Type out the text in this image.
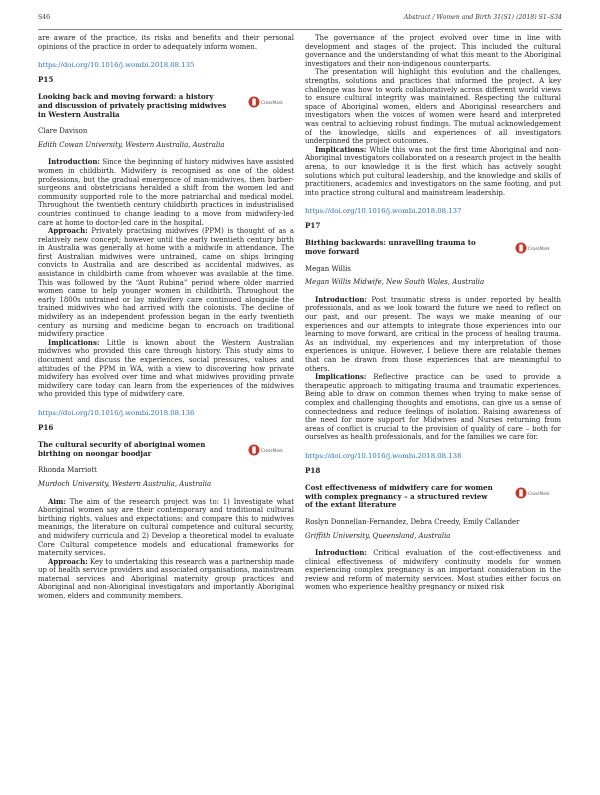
S46	Abstract / Women and Birth 31(S1) (2018) S1–S34

are aware of the practice, its risks and benefits and their personal opinions of the practice in order to adequately inform women.

https://doi.org/10.1016/j.wombi.2018.08.135
P15
Looking back and moving forward: a history and discussion of privately practising midwives in Western Australia
CrossMark
Clare Davison
Edith Cowan University, Western Australia, Australia

Introduction: Since the beginning of history midwives have assisted women in childbirth. Midwifery is recognised as one of the oldest professions, but the gradual emergence of man-midwives, then barber-surgeons and obstetricians heralded a shift from the women led and community supported role to the more patriarchal and medical model. Throughout the twentieth century childbirth practices in industrialised countries continued to change leading to a move from midwifery-led care at home to doctor-led care in the hospital.

Approach: Privately practising midwives (PPM) is thought of as a relatively new concept; however until the early twentieth century birth in Australia was generally at home with a midwife in attendance. The first Australian midwives were untrained, came on ships bringing convicts to Australia and are described as accidental midwives, as assistance in childbirth came from whoever was available at the time. This was followed by the “Aunt Rubina” period where older married women came to help younger women in childbirth. Throughout the early 1800s untrained or lay midwifery care continued alongside the trained midwives who had arrived with the colonists. The decline of midwifery as an independent profession began in the early twentieth century as nursing and medicine began to encroach on traditional midwifery practice

Implications: Little is known about the Western Australian midwives who provided this care through history. This study aims to document and discuss the experiences, social pressures, values and attitudes of the PPM in WA, with a view to discovering how private midwifery has evolved over time and what midwives providing private midwifery care today can learn from the experiences of the midwives who provided this type of midwifery care.

https://doi.org/10.1016/j.wombi.2018.08.136
P16
The cultural security of aboriginal women birthing on noongar boodjar	CrossMark
Rhonda Marriott
Murdoch University, Western Australia, Australia

Aim: The aim of the research project was to: 1) Investigate what Aboriginal women say are their contemporary and traditional cultural birthing rights, values and expectations: and compare this to midwives meanings, the literature on cultural competence and cultural security, and midwifery curricula and 2) Develop a theoretical model to evaluate Core Cultural competence models and educational frameworks for maternity services.

Approach: Key to undertaking this research was a partnership made up of health service providers and associated organisations, mainstream maternal services and Aboriginal maternity group practices and Aboriginal and non-Aboriginal investigators and importantly Aboriginal women, elders and community members.

The governance of the project evolved over time in line with development and stages of the project. This included the cultural governance and the understanding of what this meant to the Aboriginal investigators and their non-indigenous counterparts.

The presentation will highlight this evolution and the challenges, strengths, solutions and practices that informed the project. A key challenge was how to work collaboratively across different world views to ensure cultural integrity was maintained. Respecting the cultural space of Aboriginal women, elders and Aboriginal researchers and investigators when the voices of women were heard and interpreted was central to achieving robust findings. The mutual acknowledgement of the knowledge, skills and experiences of all investigators underpinned the project outcomes.

Implications: While this was not the first time Aboriginal and non-Aboriginal investigators collaborated on a research project in the health arena, to our knowledge it is the first which has actively sought solutions which put cultural leadership, and the knowledge and skills of practitioners, academics and investigators on the same footing, and put into practice strong cultural and mainstream leadership.

https://doi.org/10.1016/j.wombi.2018.08.137
P17
Birthing backwards: unravelling trauma to move forward	CrossMark
Megan Willis
Megan Willis Midwife, New South Wales, Australia

Introduction: Post traumatic stress is under reported by health professionals, and as we look toward the future we need to reflect on our past, and our present. The ways we make meaning of our experiences and our attempts to integrate those experiences into our learning to move forward, are critical in the process of healing trauma. As an individual, my experiences and my interpretation of those experiences is unique. However, I believe there are relatable themes that can be drawn from those experiences that are meaningful to others.

Implications: Reflective practice can be used to provide a therapeutic approach to mitigating trauma and traumatic experiences. Being able to draw on common themes when trying to make sense of complex and challenging thoughts and emotions, can give us a sense of connectedness and reduce feelings of isolation. Raising awareness of the need for more support for Midwives and Nurses returning from areas of conflict is crucial to the provision of quality of care – both for ourselves as health professionals, and for the families we care for.

https://doi.org/10.1016/j.wombi.2018.08.138
P18
Cost effectiveness of midwifery care for women with complex pregnancy – a structured review of the extant literature
CrossMark
Roslyn Donnellan-Fernandez, Debra Creedy, Emily Callander
Griffith University, Queensland, Australia

Introduction: Critical evaluation of the cost-effectiveness and clinical effectiveness of midwifery continuity models for women experiencing complex pregnancy is an important consideration in the review and reform of maternity services. Most studies either focus on women who experience healthy pregnancy or mixed risk
